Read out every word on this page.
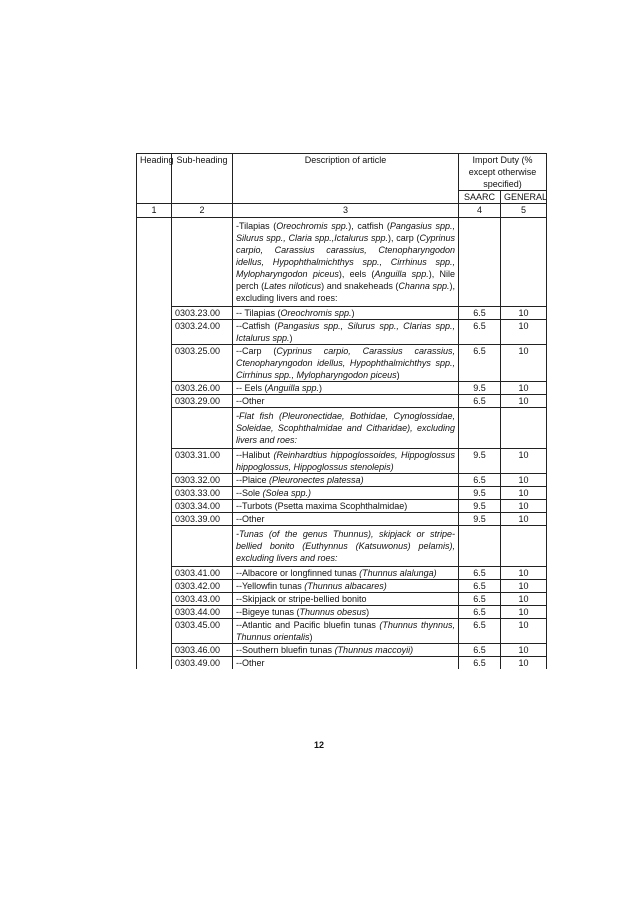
Heading	Sub-heading	Description of article	Import Duty (% except otherwise specified)	
			SAARC	GENERAL
1	2	3	4	5
		-Tilapias (Oreochromis spp.), catfish (Pangasius spp., Silurus spp., Claria spp.,Ictalurus spp.), carp (Cyprinus carpio, Carassius carassius, Ctenopharyngodon idellus, Hypophthalmichthys spp., Cirrhinus spp., Mylopharyngodon piceus), eels (Anguilla spp.), Nile perch (Lates niloticus) and snakeheads (Channa spp.), excluding livers and roes:		
	0303.23.00	-- Tilapias (Oreochromis spp.)	6.5	10
	0303.24.00	--Catfish (Pangasius spp., Silurus spp., Clarias spp., Ictalurus spp.)	6.5	10
	0303.25.00	--Carp (Cyprinus carpio, Carassius carassius, Ctenopharyngodon idellus, Hypophthalmichthys spp., Cirrhinus spp., Mylopharyngodon piceus)	6.5	10
	0303.26.00	-- Eels (Anguilla spp.)	9.5	10
	0303.29.00	--Other	6.5	10
		-Flat fish (Pleuronectidae, Bothidae, Cynoglossidae, Soleidae, Scophthalmidae and Citharidae), excluding livers and roes:		
	0303.31.00	--Halibut (Reinhardtius hippoglossoides, Hippoglossus hippoglossus, Hippoglossus stenolepis)	9.5	10
	0303.32.00	--Plaice (Pleuronectes platessa)	6.5	10
	0303.33.00	--Sole (Solea spp.)	9.5	10
	0303.34.00	--Turbots (Psetta maxima Scophthalmidae)	9.5	10
	0303.39.00	--Other	9.5	10
		-Tunas (of the genus Thunnus), skipjack or stripe-bellied bonito (Euthynnus (Katsuwonus) pelamis), excluding livers and roes:		
	0303.41.00	--Albacore or longfinned tunas (Thunnus alalunga)	6.5	10
	0303.42.00	--Yellowfin tunas (Thunnus albacares)	6.5	10
	0303.43.00	--Skipjack or stripe-bellied bonito	6.5	10
	0303.44.00	--Bigeye tunas (Thunnus obesus)	6.5	10
	0303.45.00	--Atlantic and Pacific bluefin tunas (Thunnus thynnus, Thunnus orientalis)	6.5	10
	0303.46.00	--Southern bluefin tunas (Thunnus maccoyii)	6.5	10
	0303.49.00	--Other	6.5	10
12
